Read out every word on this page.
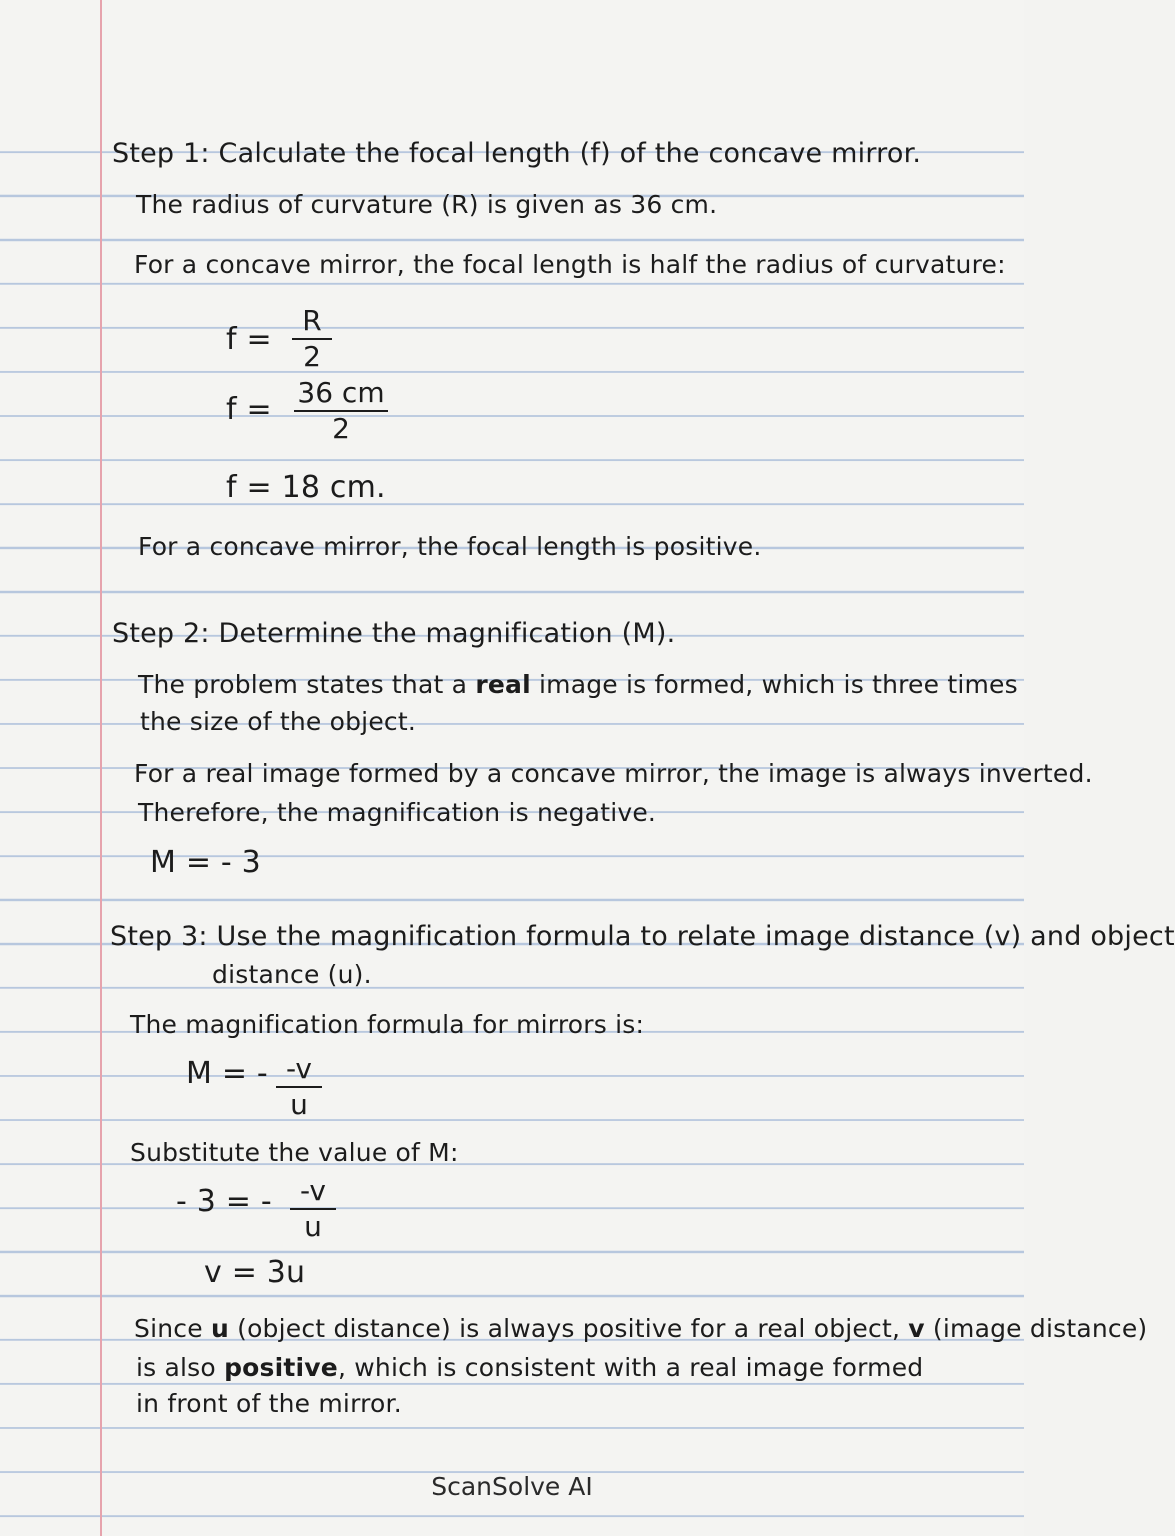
Step 1: Calculate the focal length (f) of the concave mirror.
The radius of curvature (R) is given as 36 cm.
For a concave mirror, the focal length is half the radius of curvature:
f =
R
2
f = 36 cm
2
f = 18 cm.
For a concave mirror, the focal length is positive.
Step 2: Determine the magnification (M).
The problem states that a real image is formed, which is three times
the size of the object.
For a real image formed by a concave mirror, the image is always inverted.
Therefore, the magnification is negative.
M = - 3
Step 3: Use the magnification formula to relate image distance (v) and object
distance (u).
The magnification formula for mirrors is:
M = - -v
u
Substitute the value of M:
- 3 = -	-v
u
v = 3u
Since u (object distance) is always positive for a real object, v (image distance)
is also positive, which is consistent with a real image formed
in front of the mirror.
ScanSolve AI
